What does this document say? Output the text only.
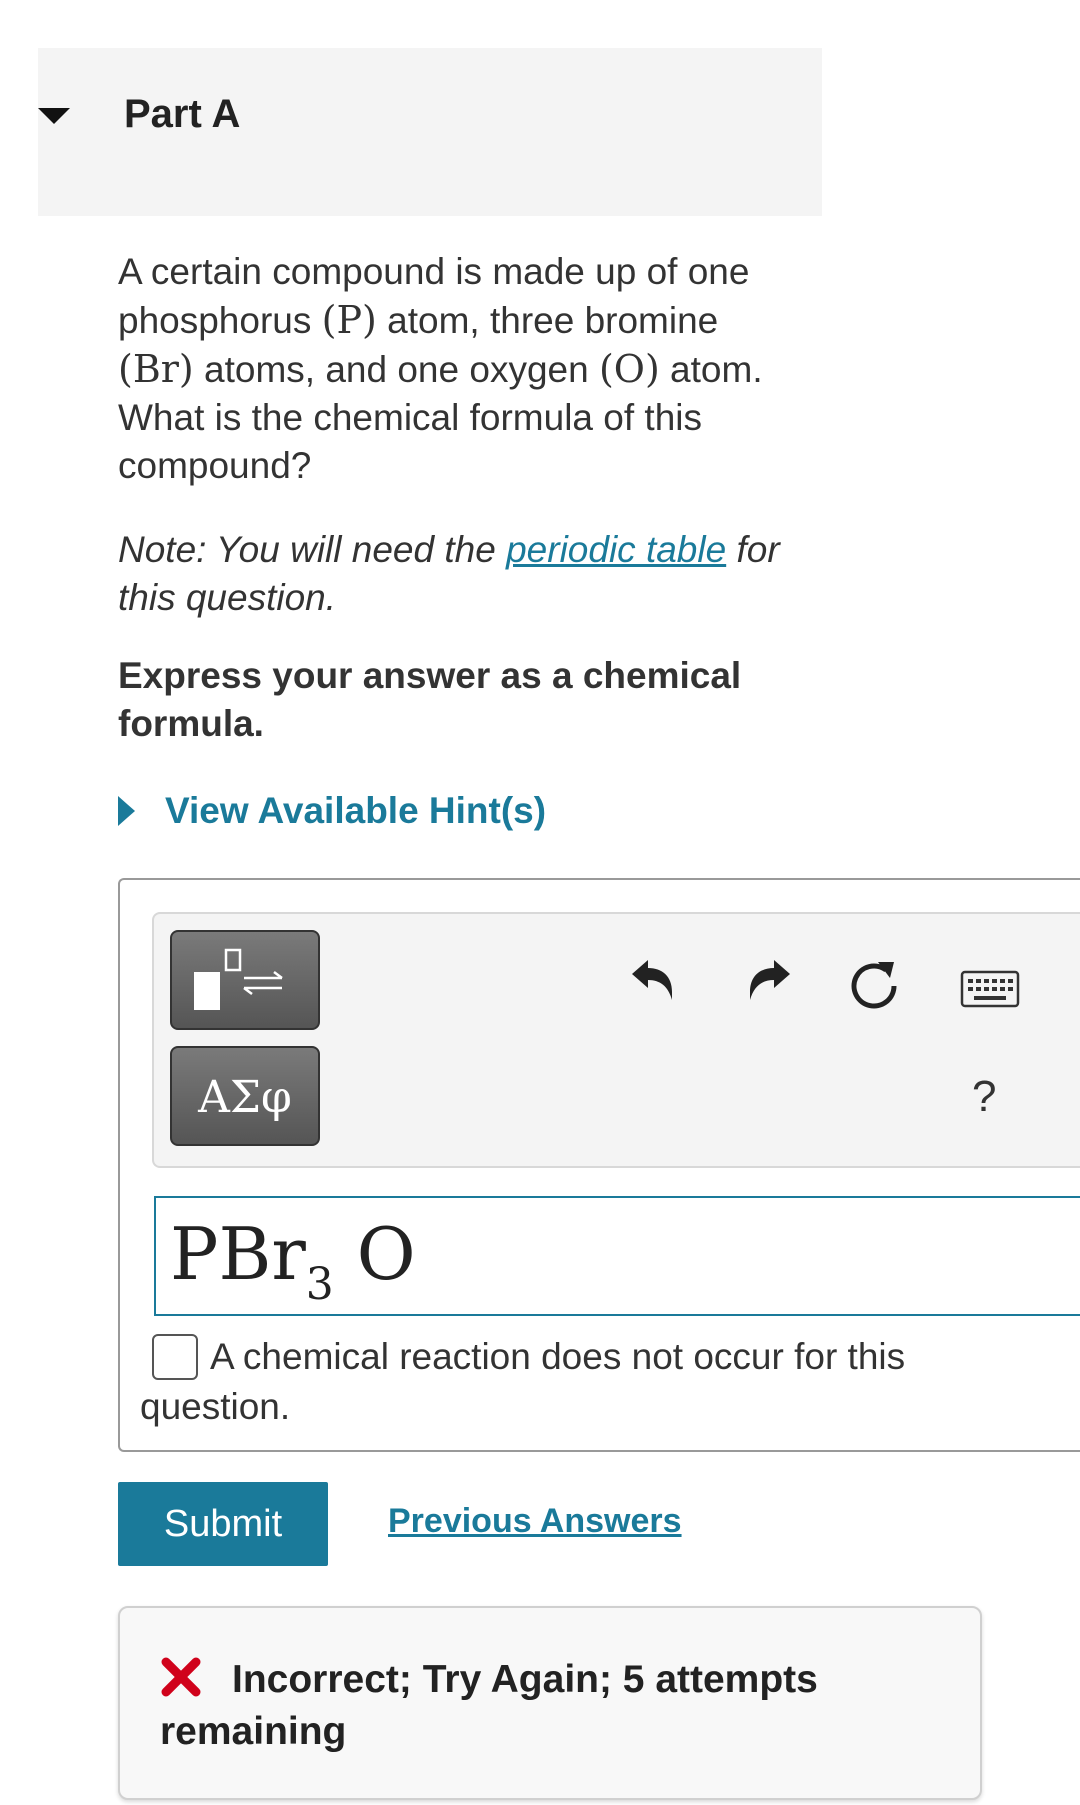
Part A
A certain compound is made up of one phosphorus (P) atom, three bromine (Br) atoms, and one oxygen (O) atom. What is the chemical formula of this compound?
Note: You will need the periodic table for this question.
Express your answer as a chemical formula.
View Available Hint(s)
AΣφ	?
PBr$_3$ O
A chemical reaction does not occur for this question.
Submit	Previous Answers
Incorrect; Try Again; 5 attempts remaining
